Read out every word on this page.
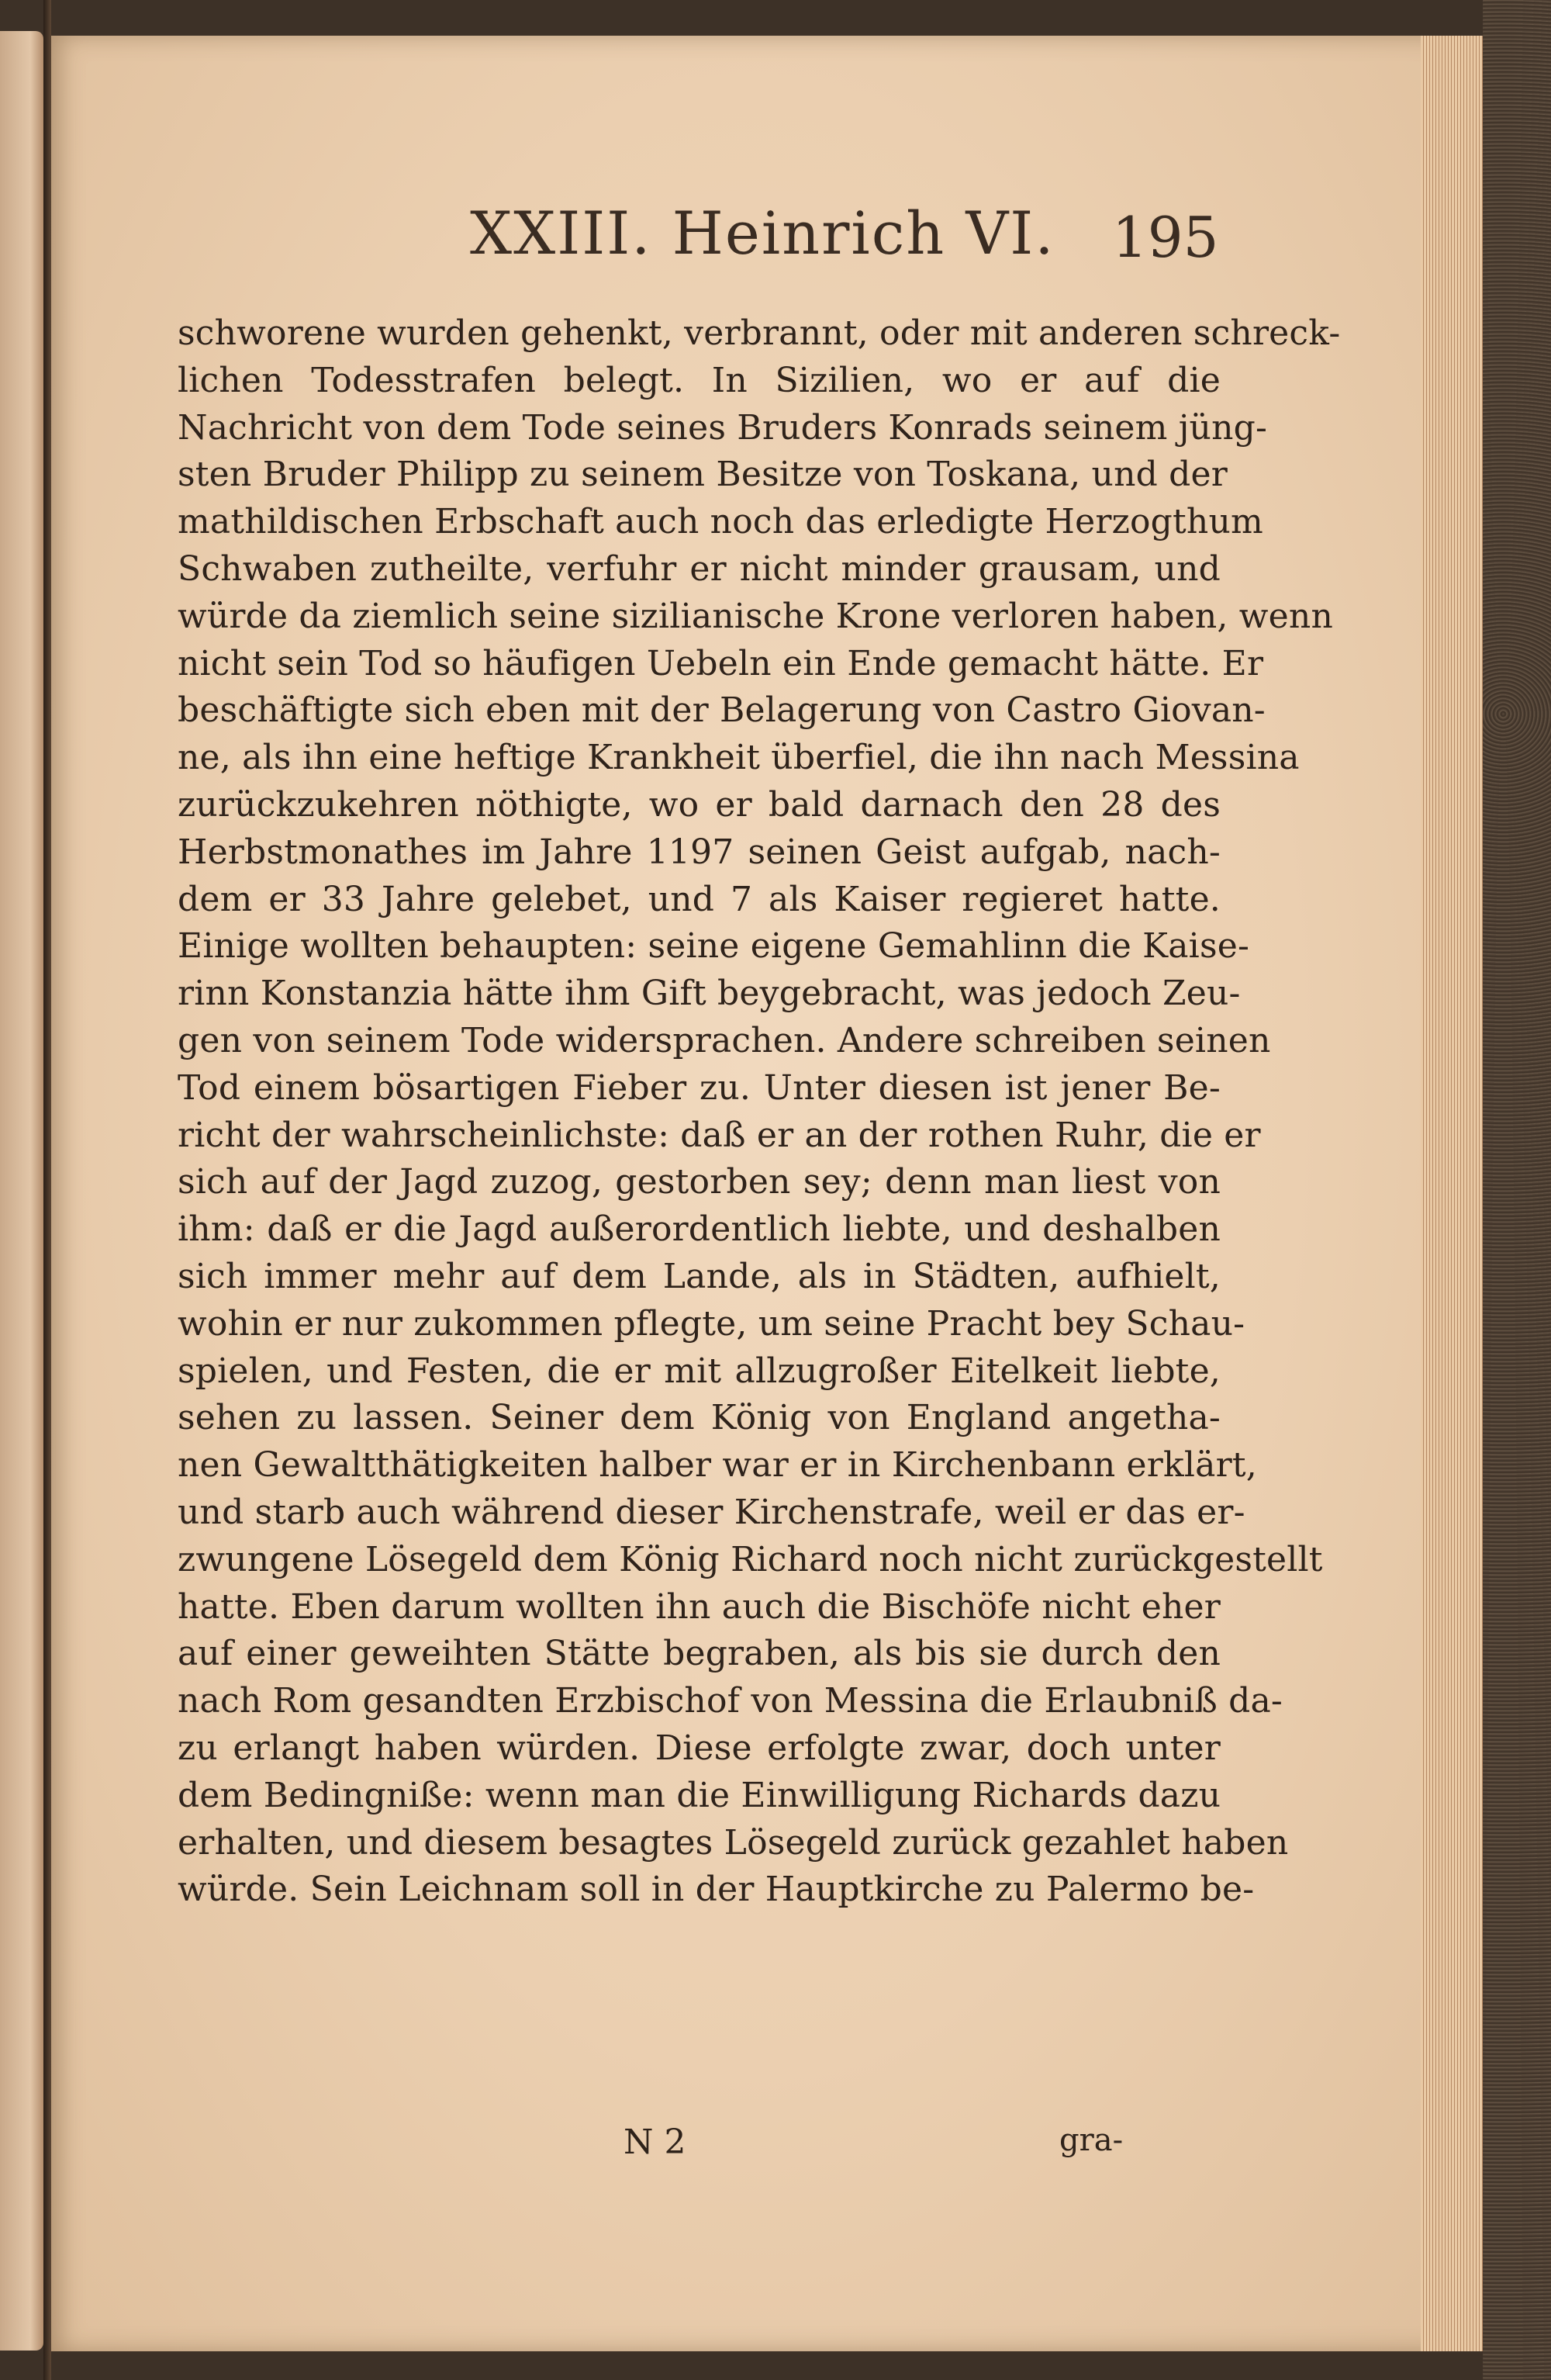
XXIII. Heinrich VI. 195
schworene wurden gehenkt, verbrannt, oder mit anderen schreck-
lichen Todesstrafen belegt. In Sizilien, wo er auf die
Nachricht von dem Tode seines Bruders Konrads seinem jüng-
sten Bruder Philipp zu seinem Besitze von Toskana, und der
mathildischen Erbschaft auch noch das erledigte Herzogthum
Schwaben zutheilte, verfuhr er nicht minder grausam, und
würde da ziemlich seine sizilianische Krone verloren haben, wenn
nicht sein Tod so häufigen Uebeln ein Ende gemacht hätte. Er
beschäftigte sich eben mit der Belagerung von Castro Giovan-
ne, als ihn eine heftige Krankheit überfiel, die ihn nach Messina
zurückzukehren nöthigte, wo er bald darnach den 28 des
Herbstmonathes im Jahre 1197 seinen Geist aufgab, nach-
dem er 33 Jahre gelebet, und 7 als Kaiser regieret hatte.
Einige wollten behaupten: seine eigene Gemahlinn die Kaise-
rinn Konstanzia hätte ihm Gift beygebracht, was jedoch Zeu-
gen von seinem Tode widersprachen. Andere schreiben seinen
Tod einem bösartigen Fieber zu. Unter diesen ist jener Be-
richt der wahrscheinlichste: daß er an der rothen Ruhr, die er
sich auf der Jagd zuzog, gestorben sey; denn man liest von
ihm: daß er die Jagd außerordentlich liebte, und deshalben
sich immer mehr auf dem Lande, als in Städten, aufhielt,
wohin er nur zukommen pflegte, um seine Pracht bey Schau-
spielen, und Festen, die er mit allzugroßer Eitelkeit liebte,
sehen zu lassen. Seiner dem König von England angetha-
nen Gewaltthätigkeiten halber war er in Kirchenbann erklärt,
und starb auch während dieser Kirchenstrafe, weil er das er-
zwungene Lösegeld dem König Richard noch nicht zurückgestellt
hatte. Eben darum wollten ihn auch die Bischöfe nicht eher
auf einer geweihten Stätte begraben, als bis sie durch den
nach Rom gesandten Erzbischof von Messina die Erlaubniß da-
zu erlangt haben würden. Diese erfolgte zwar, doch unter
dem Bedingniße: wenn man die Einwilligung Richards dazu
erhalten, und diesem besagtes Lösegeld zurück gezahlet haben
würde. Sein Leichnam soll in der Hauptkirche zu Palermo be-
N 2	gra-
